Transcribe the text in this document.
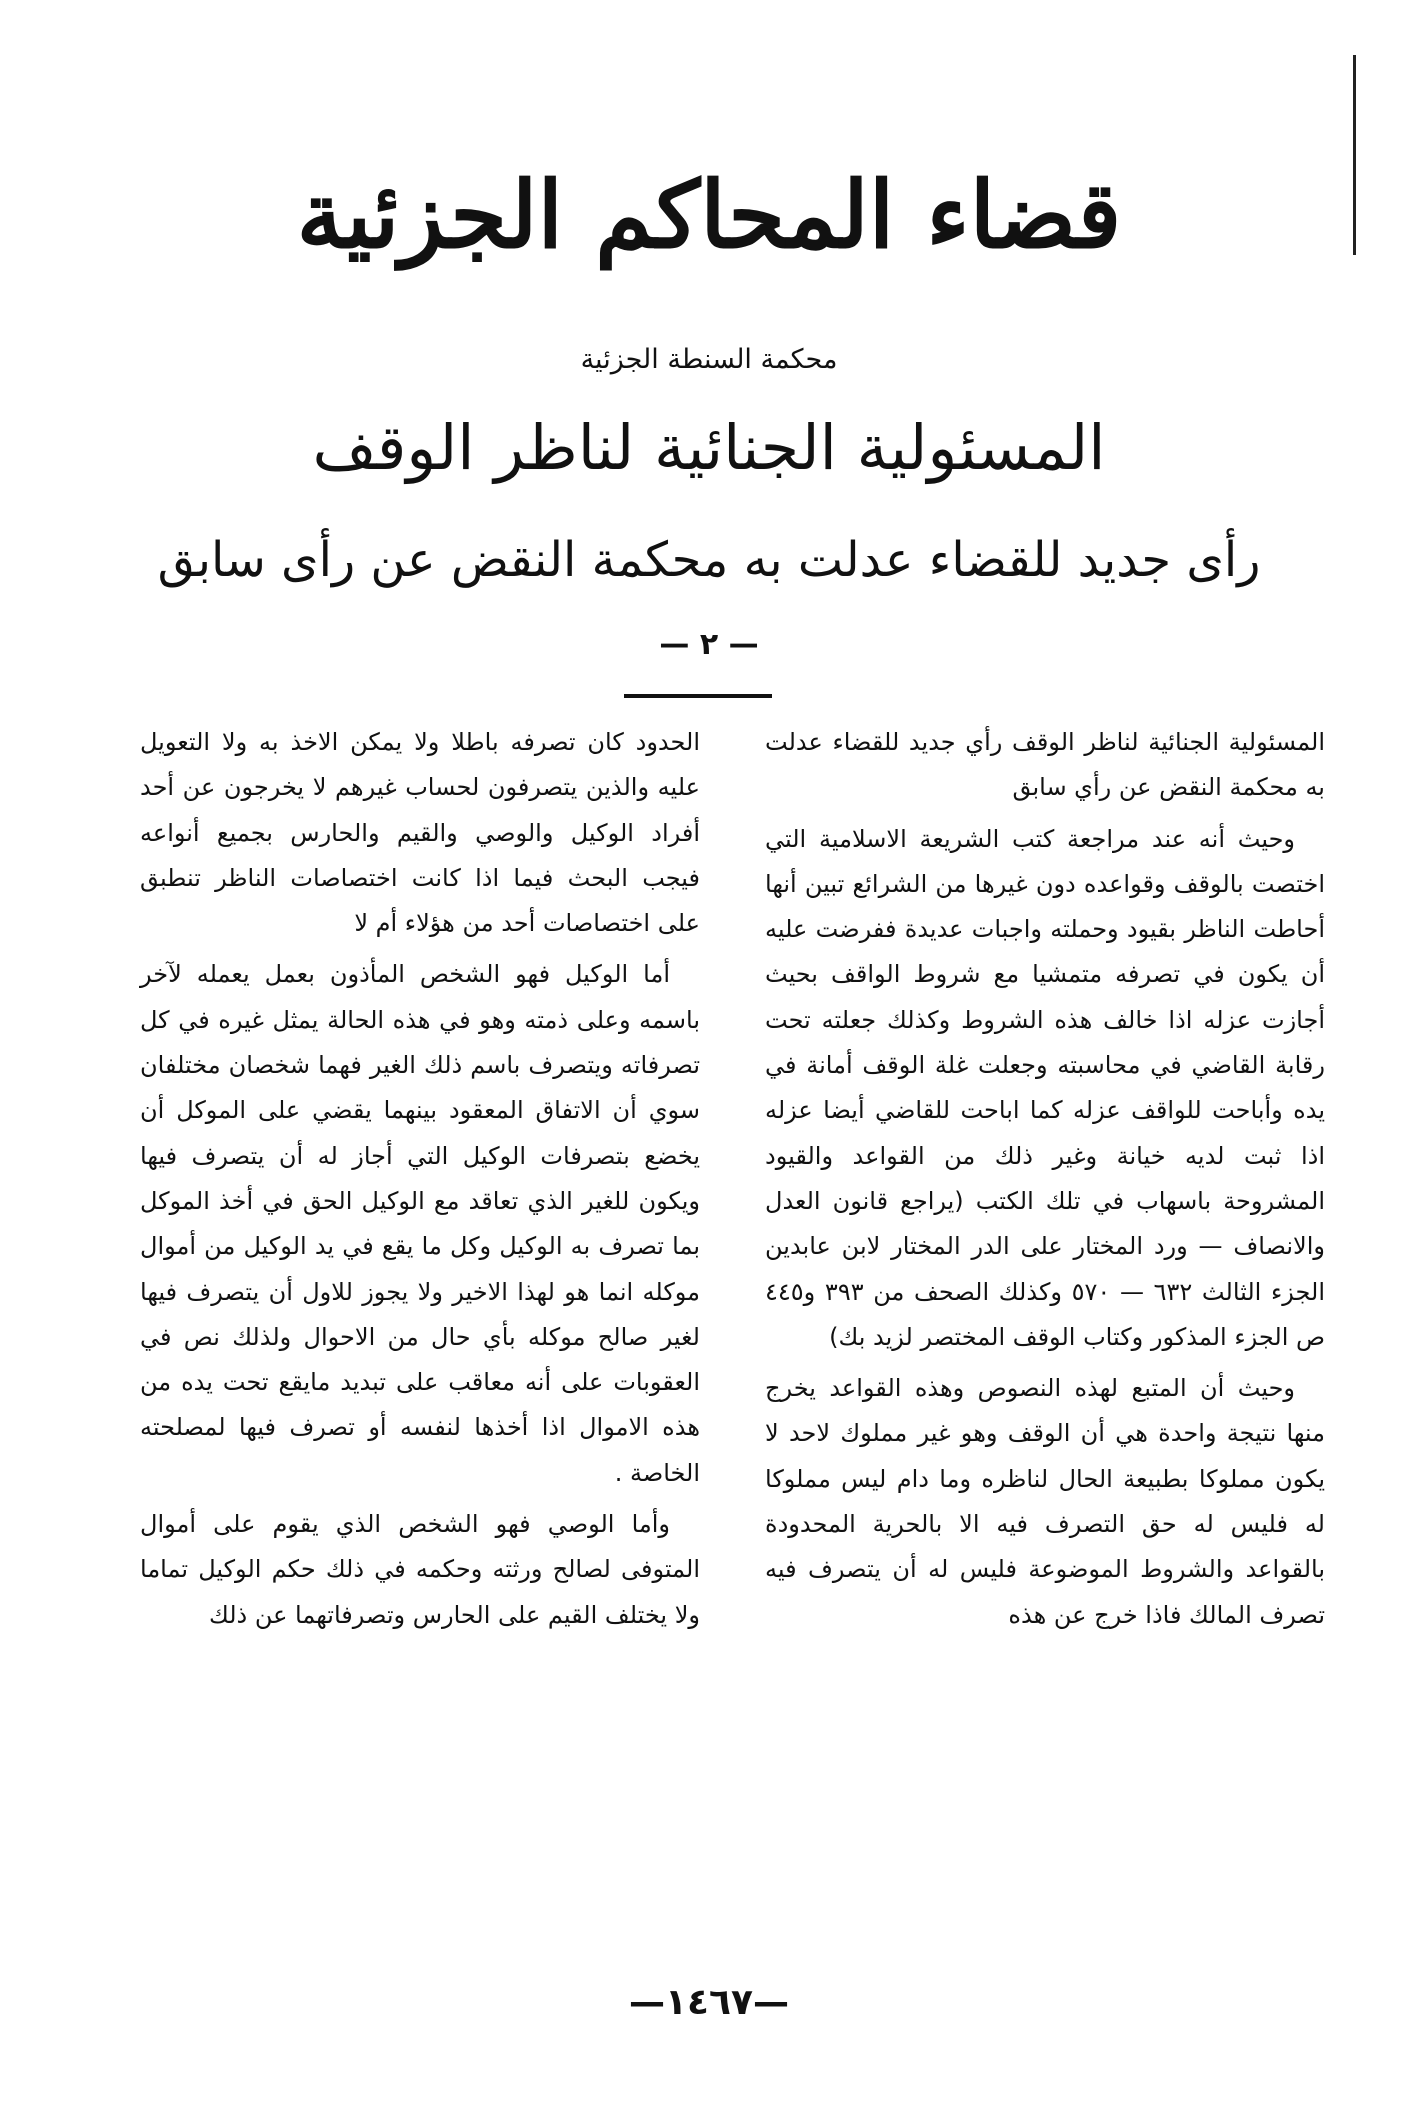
قضاء المحاكم الجزئية
محكمة السنطة الجزئية
المسئولية الجنائية لناظر الوقف
رأى جديد للقضاء عدلت به محكمة النقض عن رأى سابق
— ٢ —

المسئولية الجنائية لناظر الوقف رأي جديد للقضاء عدلت به محكمة النقض عن رأي سابق

وحيث أنه عند مراجعة كتب الشريعة الاسلامية التي اختصت بالوقف وقواعده دون غيرها من الشرائع تبين أنها أحاطت الناظر بقيود وحملته واجبات عديدة ففرضت عليه أن يكون في تصرفه متمشيا مع شروط الواقف بحيث أجازت عزله اذا خالف هذه الشروط وكذلك جعلته تحت رقابة القاضي في محاسبته وجعلت غلة الوقف أمانة في يده وأباحت للواقف عزله كما اباحت للقاضي أيضا عزله اذا ثبت لديه خيانة وغير ذلك من القواعد والقيود المشروحة باسهاب في تلك الكتب (يراجع قانون العدل والانصاف — ورد المختار على الدر المختار لابن عابدين الجزء الثالث ٦٣٢ — ٥٧٠ وكذلك الصحف من ٣٩٣ و٤٤٥ ص الجزء المذكور وكتاب الوقف المختصر لزيد بك)

وحيث أن المتبع لهذه النصوص وهذه القواعد يخرج منها نتيجة واحدة هي أن الوقف وهو غير مملوك لاحد لا يكون مملوكا بطبيعة الحال لناظره وما دام ليس مملوكا له فليس له حق التصرف فيه الا بالحرية المحدودة بالقواعد والشروط الموضوعة فليس له أن يتصرف فيه تصرف المالك فاذا خرج عن هذه

الحدود كان تصرفه باطلا ولا يمكن الاخذ به ولا التعويل عليه والذين يتصرفون لحساب غيرهم لا يخرجون عن أحد أفراد الوكيل والوصي والقيم والحارس بجميع أنواعه فيجب البحث فيما اذا كانت اختصاصات الناظر تنطبق على اختصاصات أحد من هؤلاء أم لا

أما الوكيل فهو الشخص المأذون بعمل يعمله لآخر باسمه وعلى ذمته وهو في هذه الحالة يمثل غيره في كل تصرفاته ويتصرف باسم ذلك الغير فهما شخصان مختلفان سوي أن الاتفاق المعقود بينهما يقضي على الموكل أن يخضع بتصرفات الوكيل التي أجاز له أن يتصرف فيها ويكون للغير الذي تعاقد مع الوكيل الحق في أخذ الموكل بما تصرف به الوكيل وكل ما يقع في يد الوكيل من أموال موكله انما هو لهذا الاخير ولا يجوز للاول أن يتصرف فيها لغير صالح موكله بأي حال من الاحوال ولذلك نص في العقوبات على أنه معاقب على تبديد مايقع تحت يده من هذه الاموال اذا أخذها لنفسه أو تصرف فيها لمصلحته الخاصة .

وأما الوصي فهو الشخص الذي يقوم على أموال المتوفى لصالح ورثته وحكمه في ذلك حكم الوكيل تماما ولا يختلف القيم على الحارس وتصرفاتهما عن ذلك

—١٤٦٧—
